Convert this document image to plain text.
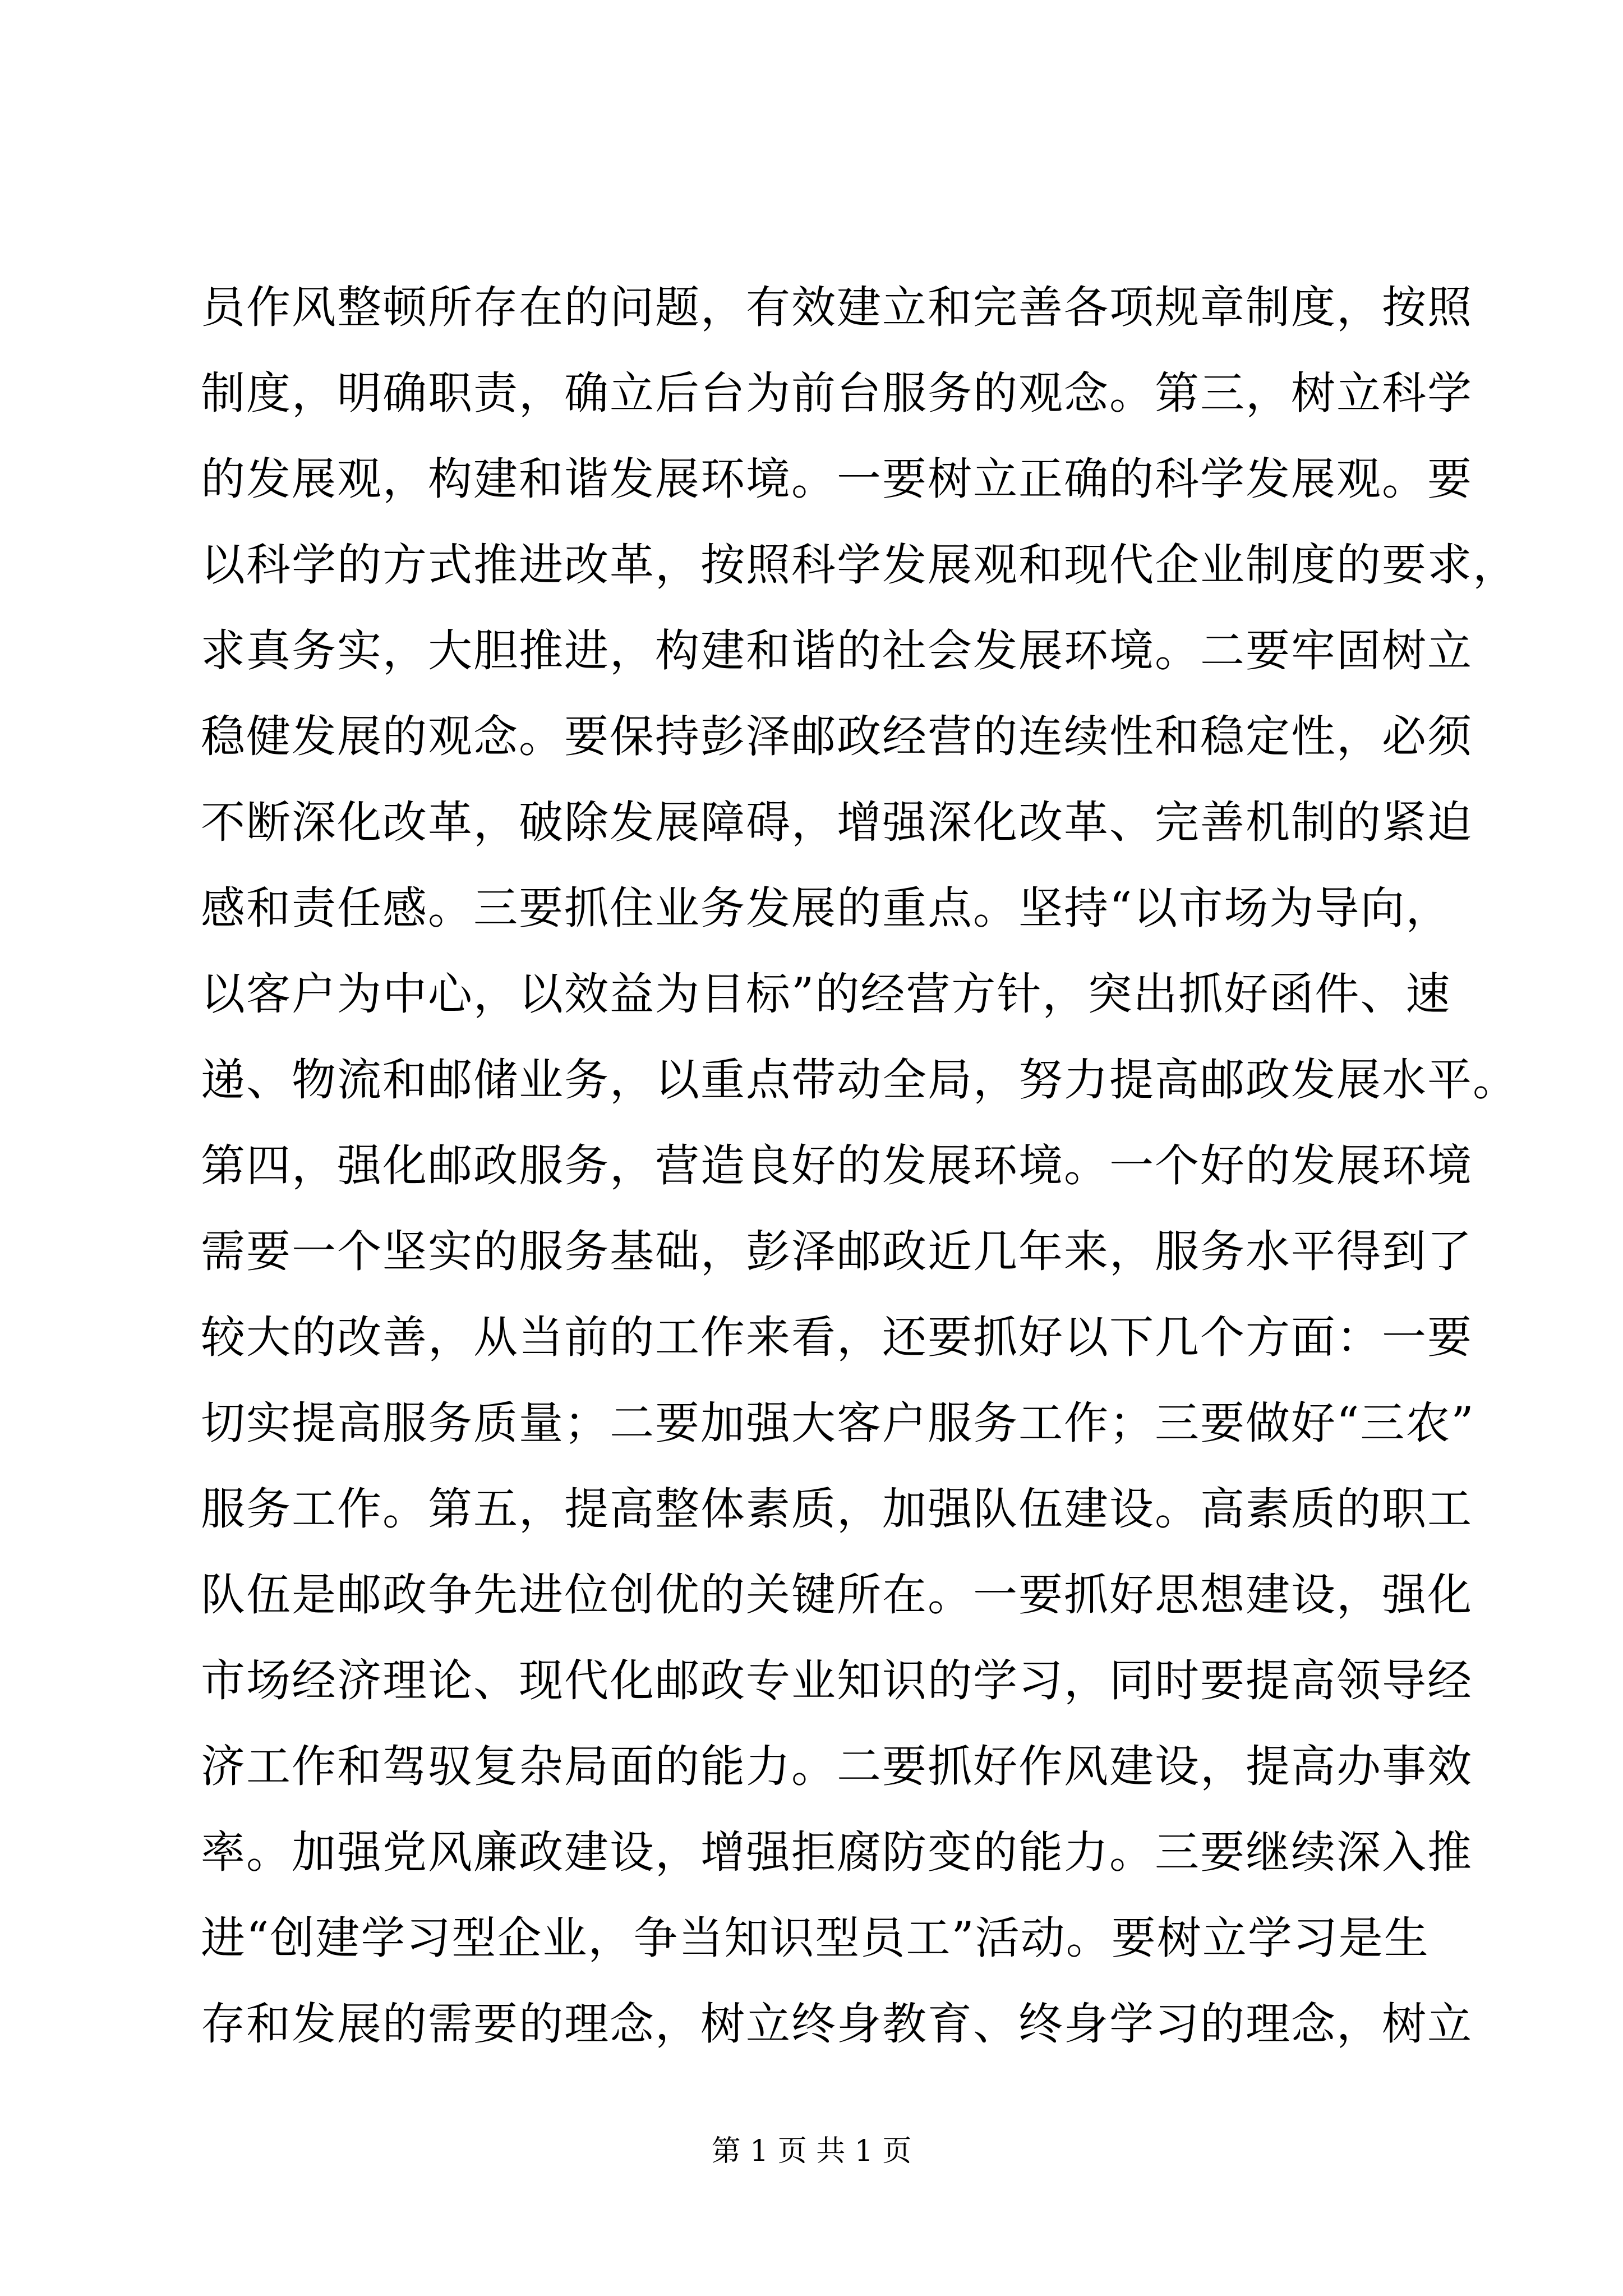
员作风整顿所存在的问题，有效建立和完善各项规章制度，按照
制度，明确职责，确立后台为前台服务的观念。第三，树立科学
的发展观，构建和谐发展环境。一要树立正确的科学发展观。要
以科学的方式推进改革，按照科学发展观和现代企业制度的要求，
求真务实，大胆推进，构建和谐的社会发展环境。二要牢固树立
稳健发展的观念。要保持彭泽邮政经营的连续性和稳定性，必须
不断深化改革，破除发展障碍，增强深化改革、完善机制的紧迫
感和责任感。三要抓住业务发展的重点。坚持“以市场为导向，
以客户为中心，以效益为目标”的经营方针，突出抓好函件、速
递、物流和邮储业务，以重点带动全局，努力提高邮政发展水平。
第四，强化邮政服务，营造良好的发展环境。一个好的发展环境
需要一个坚实的服务基础，彭泽邮政近几年来，服务水平得到了
较大的改善，从当前的工作来看，还要抓好以下几个方面：一要
切实提高服务质量；二要加强大客户服务工作；三要做好“三农”
服务工作。第五，提高整体素质，加强队伍建设。高素质的职工
队伍是邮政争先进位创优的关键所在。一要抓好思想建设，强化
市场经济理论、现代化邮政专业知识的学习，同时要提高领导经
济工作和驾驭复杂局面的能力。二要抓好作风建设，提高办事效
率。加强党风廉政建设，增强拒腐防变的能力。三要继续深入推
进“创建学习型企业，争当知识型员工”活动。要树立学习是生
存和发展的需要的理念，树立终身教育、终身学习的理念，树立
第 1 页 共 1 页
